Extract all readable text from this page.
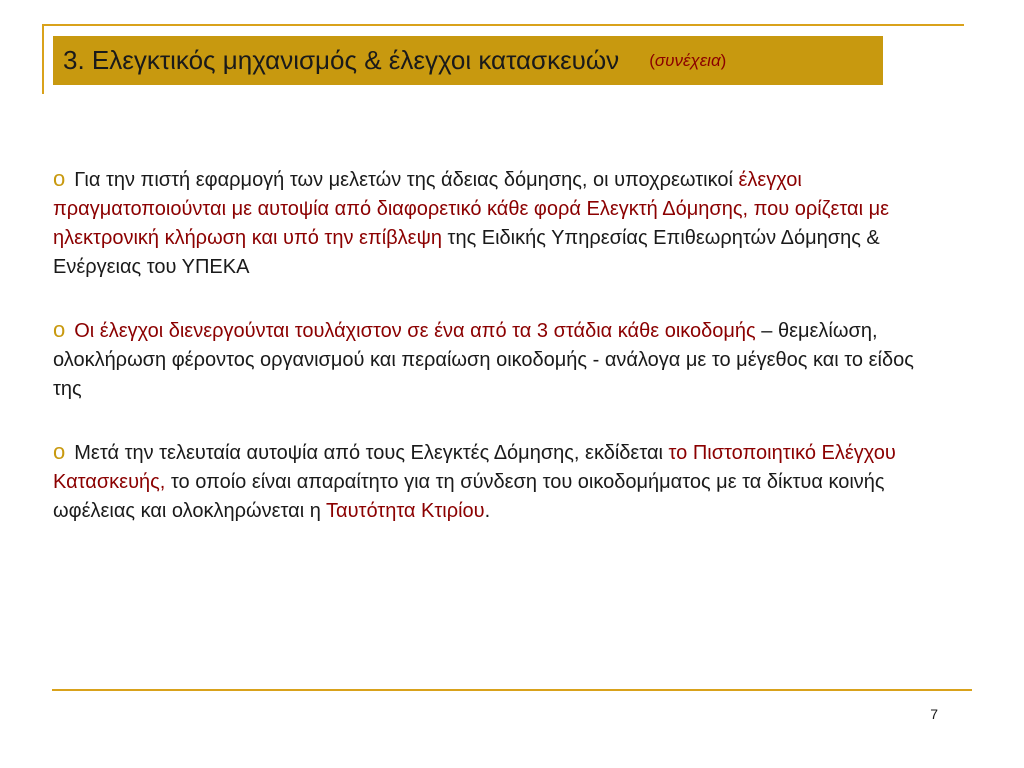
3. Ελεγκτικός μηχανισμός & έλεγχοι κατασκευών (συνέχεια)

o Για την πιστή εφαρμογή των μελετών της άδειας δόμησης, οι υποχρεωτικοί έλεγχοι πραγματοποιούνται με αυτοψία από διαφορετικό κάθε φορά Ελεγκτή Δόμησης, που ορίζεται με ηλεκτρονική κλήρωση και υπό την επίβλεψη της Ειδικής Υπηρεσίας Επιθεωρητών Δόμησης & Ενέργειας του ΥΠΕΚΑ

o Οι έλεγχοι διενεργούνται τουλάχιστον σε ένα από τα 3 στάδια κάθε οικοδομής – θεμελίωση, ολοκλήρωση φέροντος οργανισμού και περαίωση οικοδομής - ανάλογα με το μέγεθος και το είδος της

o Μετά την τελευταία αυτοψία από τους Ελεγκτές Δόμησης, εκδίδεται το Πιστοποιητικό Ελέγχου Κατασκευής, το οποίο είναι απαραίτητο για τη σύνδεση του οικοδομήματος με τα δίκτυα κοινής ωφέλειας και ολοκληρώνεται η Ταυτότητα Κτιρίου.

7
